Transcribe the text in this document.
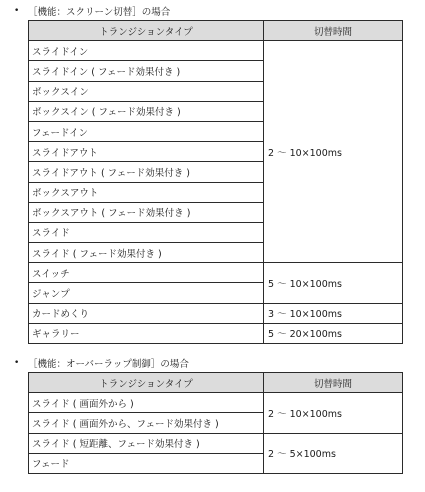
• ［機能：スクリーン切替］の場合
トランジションタイプ	切替時間
スライドイン	2 ～ 10×100ms
スライドイン ( フェード効果付き )	
ボックスイン	
ボックスイン ( フェード効果付き )	
フェードイン	
スライドアウト	
スライドアウト ( フェード効果付き )	
ボックスアウト	
ボックスアウト ( フェード効果付き )	
スライド	
スライド ( フェード効果付き )	
スイッチ	5 ～ 10×100ms
ジャンプ	
カードめくり	3 ～ 10×100ms
ギャラリー	5 ～ 20×100ms
• ［機能：オーバーラップ制御］の場合
トランジションタイプ	切替時間
スライド ( 画面外から )	2 ～ 10×100ms
スライド ( 画面外から、フェード効果付き )	
スライド ( 短距離、フェード効果付き )	2 ～ 5×100ms
フェード	
